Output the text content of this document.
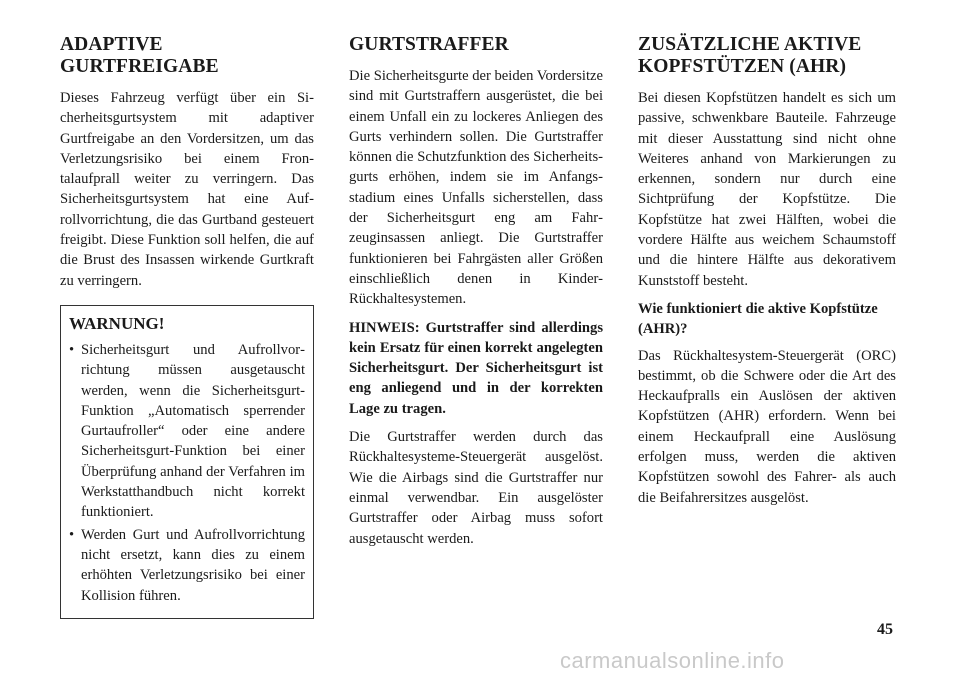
ADAPTIVE GURTFREIGABE

Dieses Fahrzeug verfügt über ein Sicherheitsgurtsystem mit adaptiver Gurtfreigabe an den Vordersitzen, um das Verletzungsrisiko bei einem Frontalaufprall weiter zu verringern. Das Sicherheitsgurtsystem hat eine Aufrollvorrichtung, die das Gurtband gesteuert freigibt. Diese Funktion soll helfen, die auf die Brust des Insassen wirkende Gurtkraft zu verringern.

WARNUNG!
• Sicherheitsgurt und Aufrollvorrichtung müssen ausgetauscht werden, wenn die Sicherheitsgurt-Funktion „Automatisch sperrender Gurtaufroller“ oder eine andere Sicherheitsgurt-Funktion bei einer Überprüfung anhand der Verfahren im Werkstatthandbuch nicht korrekt funktioniert.
• Werden Gurt und Aufrollvorrichtung nicht ersetzt, kann dies zu einem erhöhten Verletzungsrisiko bei einer Kollision führen.
GURTSTRAFFER

Die Sicherheitsgurte der beiden Vordersitze sind mit Gurtstraffern ausgerüstet, die bei einem Unfall ein zu lockeres Anliegen des Gurts verhindern sollen. Die Gurtstraffer können die Schutzfunktion des Sicherheitsgurts erhöhen, indem sie im Anfangsstadium eines Unfalls sicherstellen, dass der Sicherheitsgurt eng am Fahrzeuginsassen anliegt. Die Gurtstraffer funktionieren bei Fahrgästen aller Größen einschließlich denen in Kinder-Rückhaltesystemen.

HINWEIS: Gurtstraffer sind allerdings kein Ersatz für einen korrekt angelegten Sicherheitsgurt. Der Sicherheitsgurt ist eng anliegend und in der korrekten Lage zu tragen.

Die Gurtstraffer werden durch das Rückhaltesysteme-Steuergerät ausgelöst. Wie die Airbags sind die Gurtstraffer nur einmal verwendbar. Ein ausgelöster Gurtstraffer oder Airbag muss sofort ausgetauscht werden.

ZUSÄTZLICHE AKTIVE KOPFSTÜTZEN (AHR)

Bei diesen Kopfstützen handelt es sich um passive, schwenkbare Bauteile. Fahrzeuge mit dieser Ausstattung sind nicht ohne Weiteres anhand von Markierungen zu erkennen, sondern nur durch eine Sichtprüfung der Kopfstütze. Die Kopfstütze hat zwei Hälften, wobei die vordere Hälfte aus weichem Schaumstoff und die hintere Hälfte aus dekorativem Kunststoff besteht.

Wie funktioniert die aktive Kopfstütze (AHR)?

Das Rückhaltesystem-Steuergerät (ORC) bestimmt, ob die Schwere oder die Art des Heckaufpralls ein Auslösen der aktiven Kopfstützen (AHR) erfordern. Wenn bei einem Heckaufprall eine Auslösung erfolgen muss, werden die aktiven Kopfstützen sowohl des Fahrer- als auch die Beifahrersitzes ausgelöst.

45
carmanualsonline.info
